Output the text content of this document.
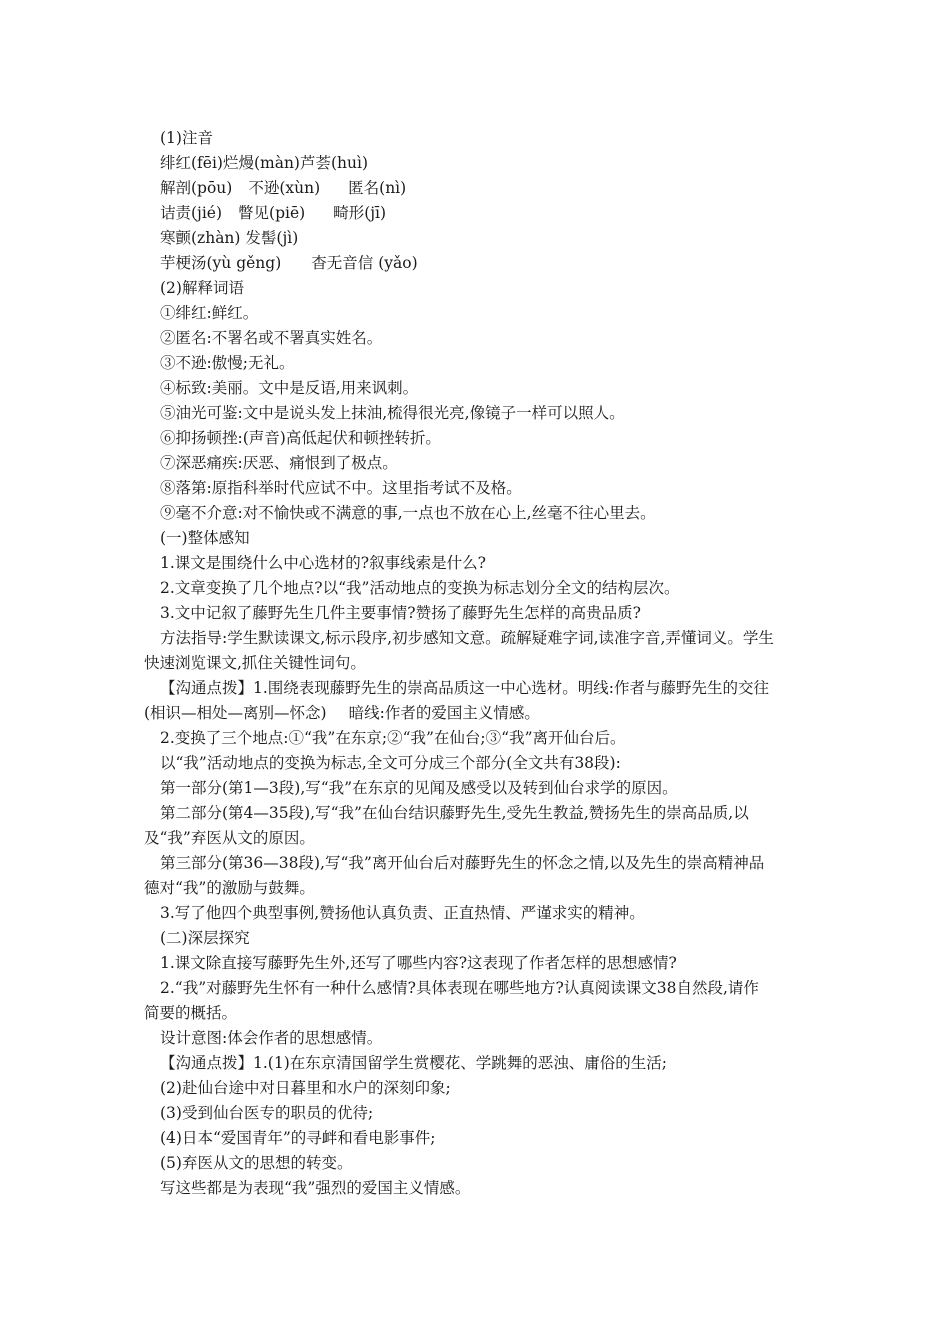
(1)注音
绯红(fēi)烂熳(màn)芦荟(huì)
解剖(pōu) 不逊(xùn) 匿名(nì)
诘责(jié) 瞥见(piē) 畸形(jī)
寒颤(zhàn) 发髻(jì)
芋梗汤(yù gěng) 杳无音信 (yǎo)
(2)解释词语
①绯红:鲜红。
②匿名:不署名或不署真实姓名。
③不逊:傲慢;无礼。
④标致:美丽。文中是反语,用来讽刺。
⑤油光可鉴:文中是说头发上抹油,梳得很光亮,像镜子一样可以照人。
⑥抑扬顿挫:(声音)高低起伏和顿挫转折。
⑦深恶痛疾:厌恶、痛恨到了极点。
⑧落第:原指科举时代应试不中。这里指考试不及格。
⑨毫不介意:对不愉快或不满意的事,一点也不放在心上,丝毫不往心里去。
(一)整体感知
1.课文是围绕什么中心选材的?叙事线索是什么?
2.文章变换了几个地点?以“我”活动地点的变换为标志划分全文的结构层次。
3.文中记叙了藤野先生几件主要事情?赞扬了藤野先生怎样的高贵品质?
方法指导:学生默读课文,标示段序,初步感知文意。疏解疑难字词,读准字音,弄懂词义。学生
快速浏览课文,抓住关键性词句。
【沟通点拨】1.围绕表现藤野先生的崇高品质这一中心选材。明线:作者与藤野先生的交往
(相识—相处—离别—怀念) 暗线:作者的爱国主义情感。
2.变换了三个地点:①“我”在东京;②“我”在仙台;③“我”离开仙台后。
以“我”活动地点的变换为标志,全文可分成三个部分(全文共有38段):
第一部分(第1—3段),写“我”在东京的见闻及感受以及转到仙台求学的原因。
第二部分(第4—35段),写“我”在仙台结识藤野先生,受先生教益,赞扬先生的崇高品质,以
及“我”弃医从文的原因。
第三部分(第36—38段),写“我”离开仙台后对藤野先生的怀念之情,以及先生的崇高精神品
德对“我”的激励与鼓舞。
3.写了他四个典型事例,赞扬他认真负责、正直热情、严谨求实的精神。
(二)深层探究
1.课文除直接写藤野先生外,还写了哪些内容?这表现了作者怎样的思想感情?
2.“我”对藤野先生怀有一种什么感情?具体表现在哪些地方?认真阅读课文38自然段,请作
简要的概括。
设计意图:体会作者的思想感情。
【沟通点拨】1.(1)在东京清国留学生赏樱花、学跳舞的恶浊、庸俗的生活;
(2)赴仙台途中对日暮里和水户的深刻印象;
(3)受到仙台医专的职员的优待;
(4)日本“爱国青年”的寻衅和看电影事件;
(5)弃医从文的思想的转变。
写这些都是为表现“我”强烈的爱国主义情感。
